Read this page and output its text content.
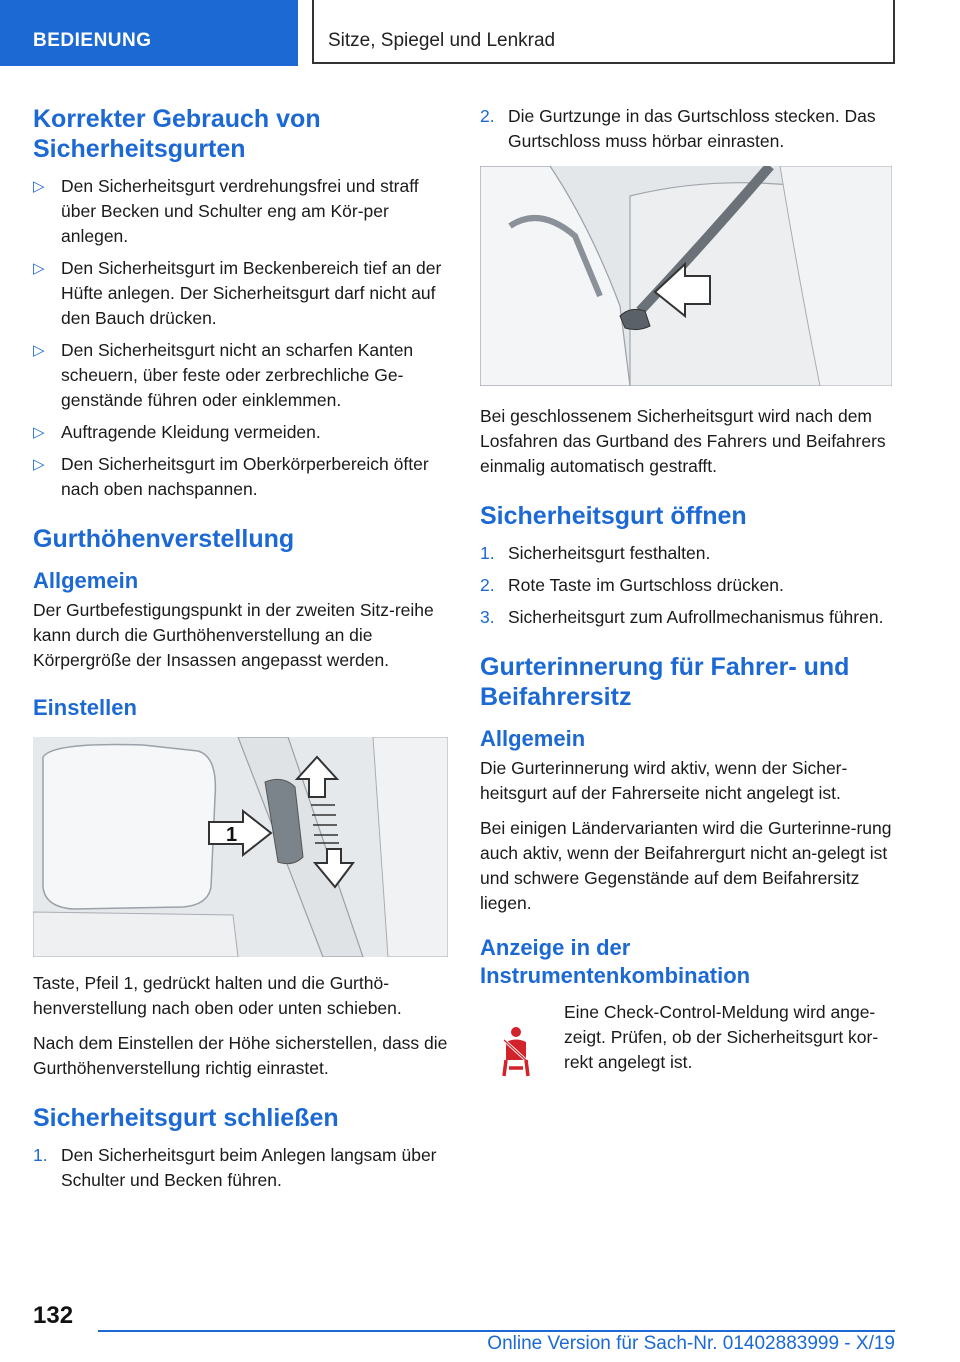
BEDIENUNG	Sitze, Spiegel und Lenkrad
Korrekter Gebrauch von Sicherheitsgurten
▷ Den Sicherheitsgurt verdrehungsfrei und straff über Becken und Schulter eng am Kör-per anlegen.
▷ Den Sicherheitsgurt im Beckenbereich tief an der Hüfte anlegen. Der Sicherheitsgurt darf nicht auf den Bauch drücken.
▷ Den Sicherheitsgurt nicht an scharfen Kanten scheuern, über feste oder zerbrechliche Ge-genstände führen oder einklemmen.
▷ Auftragende Kleidung vermeiden.
▷ Den Sicherheitsgurt im Oberkörperbereich öfter nach oben nachspannen.
Gurthöhenverstellung
Allgemein

Der Gurtbefestigungspunkt in der zweiten Sitz-reihe kann durch die Gurthöhenverstellung an die Körpergröße der Insassen angepasst werden.

Einstellen
1

Taste, Pfeil 1, gedrückt halten und die Gurthö-henverstellung nach oben oder unten schieben.

Nach dem Einstellen der Höhe sicherstellen, dass die Gurthöhenverstellung richtig einrastet.

Sicherheitsgurt schließen
1. Den Sicherheitsgurt beim Anlegen langsam über Schulter und Becken führen.
2. Die Gurtzunge in das Gurtschloss stecken. Das Gurtschloss muss hörbar einrasten.

Bei geschlossenem Sicherheitsgurt wird nach dem Losfahren das Gurtband des Fahrers und Beifahrers einmalig automatisch gestrafft.

Sicherheitsgurt öffnen
1. Sicherheitsgurt festhalten.
2. Rote Taste im Gurtschloss drücken.
3. Sicherheitsgurt zum Aufrollmechanismus führen.
Gurterinnerung für Fahrer- und Beifahrersitz
Allgemein

Die Gurterinnerung wird aktiv, wenn der Sicher-heitsgurt auf der Fahrerseite nicht angelegt ist.

Bei einigen Ländervarianten wird die Gurterinne-rung auch aktiv, wenn der Beifahrergurt nicht an-gelegt ist und schwere Gegenstände auf dem Beifahrersitz liegen.

Anzeige in der Instrumentenkombination

Eine Check-Control-Meldung wird ange-zeigt. Prüfen, ob der Sicherheitsgurt kor-rekt angelegt ist.

132
Online Version für Sach-Nr. 01402883999 - X/19
